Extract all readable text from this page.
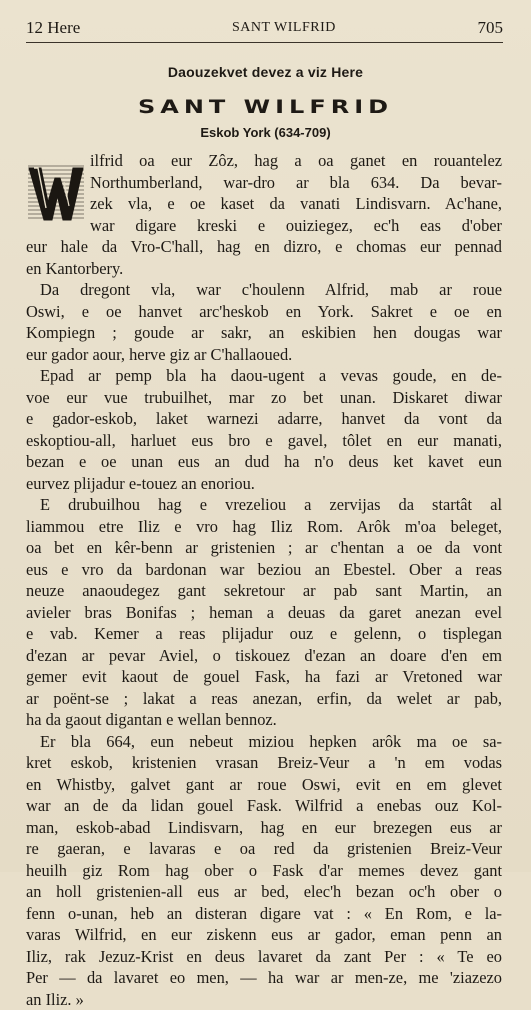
12 Here	SANT WILFRID	705
Daouzekvet devez a viz Here
SANT WILFRID
Eskob York (634-709)
ilfrid oa eur Zôz, hag a oa ganet en rouantelez
Northumberland, war-dro ar bla 634. Da bevar-
zek vla, e oe kaset da vanati Lindisvarn. Ac'hane,
war digare kreski e ouiziegez, ec'h eas d'ober
eur hale da Vro-C'hall, hag en dizro, e chomas eur pennad
en Kantorbery.
Da dregont vla, war c'houlenn Alfrid, mab ar roue
Oswi, e oe hanvet arc'heskob en York. Sakret e oe en
Kompiegn ; goude ar sakr, an eskibien hen dougas war
eur gador aour, herve giz ar C'hallaoued.
Epad ar pemp bla ha daou-ugent a vevas goude, en de-
voe eur vue trubuilhet, mar zo bet unan. Diskaret diwar
e gador-eskob, laket warnezi adarre, hanvet da vont da
eskoptiou-all, harluet eus bro e gavel, tôlet en eur manati,
bezan e oe unan eus an dud ha n'o deus ket kavet eun
eurvez plijadur e-touez an enoriou.
E drubuilhou hag e vrezeliou a zervijas da startât al
liammou etre Iliz e vro hag Iliz Rom. Arôk m'oa beleget,
oa bet en kêr-benn ar gristenien ; ar c'hentan a oe da vont
eus e vro da bardonan war beziou an Ebestel. Ober a reas
neuze anaoudegez gant sekretour ar pab sant Martin, an
avieler bras Bonifas ; heman a deuas da garet anezan evel
e vab. Kemer a reas plijadur ouz e gelenn, o tisplegan
d'ezan ar pevar Aviel, o tiskouez d'ezan an doare d'en em
gemer evit kaout de gouel Fask, ha fazi ar Vretoned war
ar poënt-se ; lakat a reas anezan, erfin, da welet ar pab,
ha da gaout digantan e wellan bennoz.
Er bla 664, eun nebeut miziou hepken arôk ma oe sa-
kret eskob, kristenien vrasan Breiz-Veur a 'n em vodas
en Whistby, galvet gant ar roue Oswi, evit en em glevet
war an de da lidan gouel Fask. Wilfrid a enebas ouz Kol-
man, eskob-abad Lindisvarn, hag en eur brezegen eus ar
re gaeran, e lavaras e oa red da gristenien Breiz-Veur
heuilh giz Rom hag ober o Fask d'ar memes devez gant
an holl gristenien-all eus ar bed, elec'h bezan oc'h ober o
fenn o-unan, heb an disteran digare vat : « En Rom, e la-
varas Wilfrid, en eur ziskenn eus ar gador, eman penn an
Iliz, rak Jezuz-Krist en deus lavaret da zant Per : « Te eo
Per — da lavaret eo men, — ha war ar men-ze, me 'ziazezo
an Iliz. »
